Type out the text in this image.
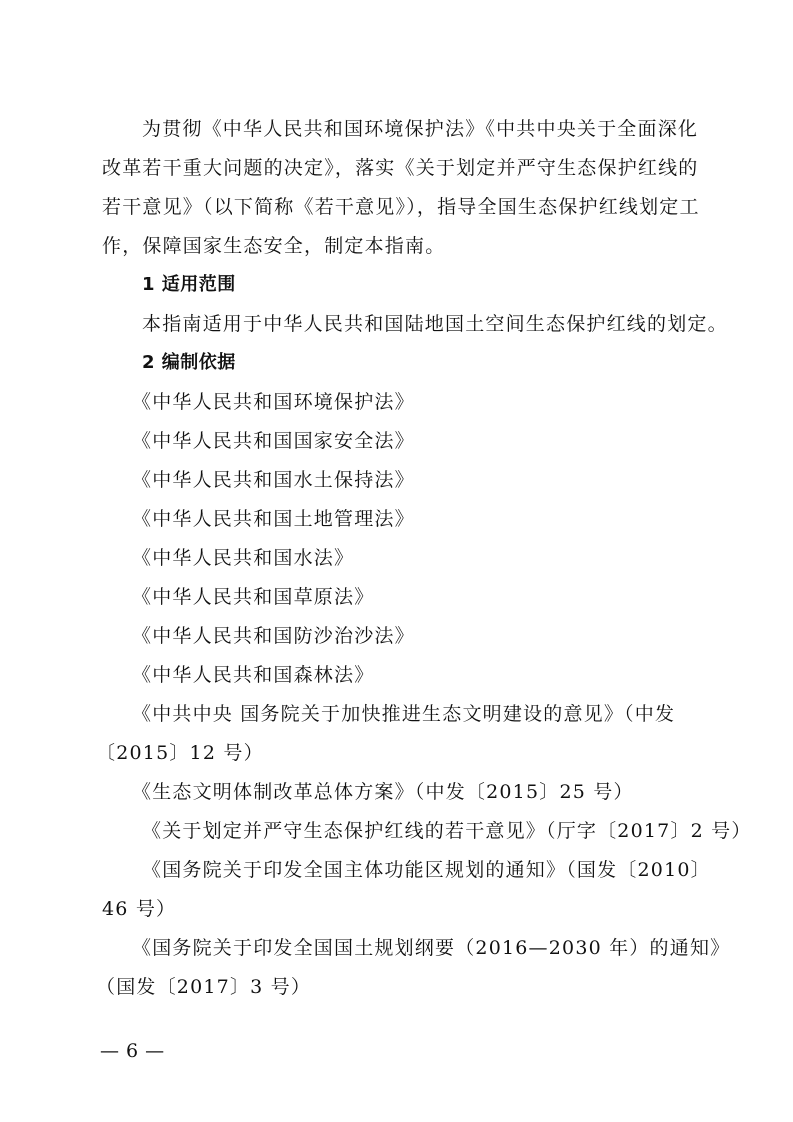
为贯彻《中华人民共和国环境保护法》《中共中央关于全面深化
改革若干重大问题的决定》，落实《关于划定并严守生态保护红线的
若干意见》（以下简称《若干意见》），指导全国生态保护红线划定工
作，保障国家生态安全，制定本指南。
1 适用范围
本指南适用于中华人民共和国陆地国土空间生态保护红线的划定。
2 编制依据
《中华人民共和国环境保护法》
《中华人民共和国国家安全法》
《中华人民共和国水土保持法》
《中华人民共和国土地管理法》
《中华人民共和国水法》
《中华人民共和国草原法》
《中华人民共和国防沙治沙法》
《中华人民共和国森林法》
《中共中央 国务院关于加快推进生态文明建设的意见》（中发
〔2015〕12 号）
《生态文明体制改革总体方案》（中发〔2015〕25 号）
《关于划定并严守生态保护红线的若干意见》（厅字〔2017〕2 号）
《国务院关于印发全国主体功能区规划的通知》（国发〔2010〕
46 号）
《国务院关于印发全国国土规划纲要（2016—2030 年）的通知》
（国发〔2017〕3 号）
— 6 —
